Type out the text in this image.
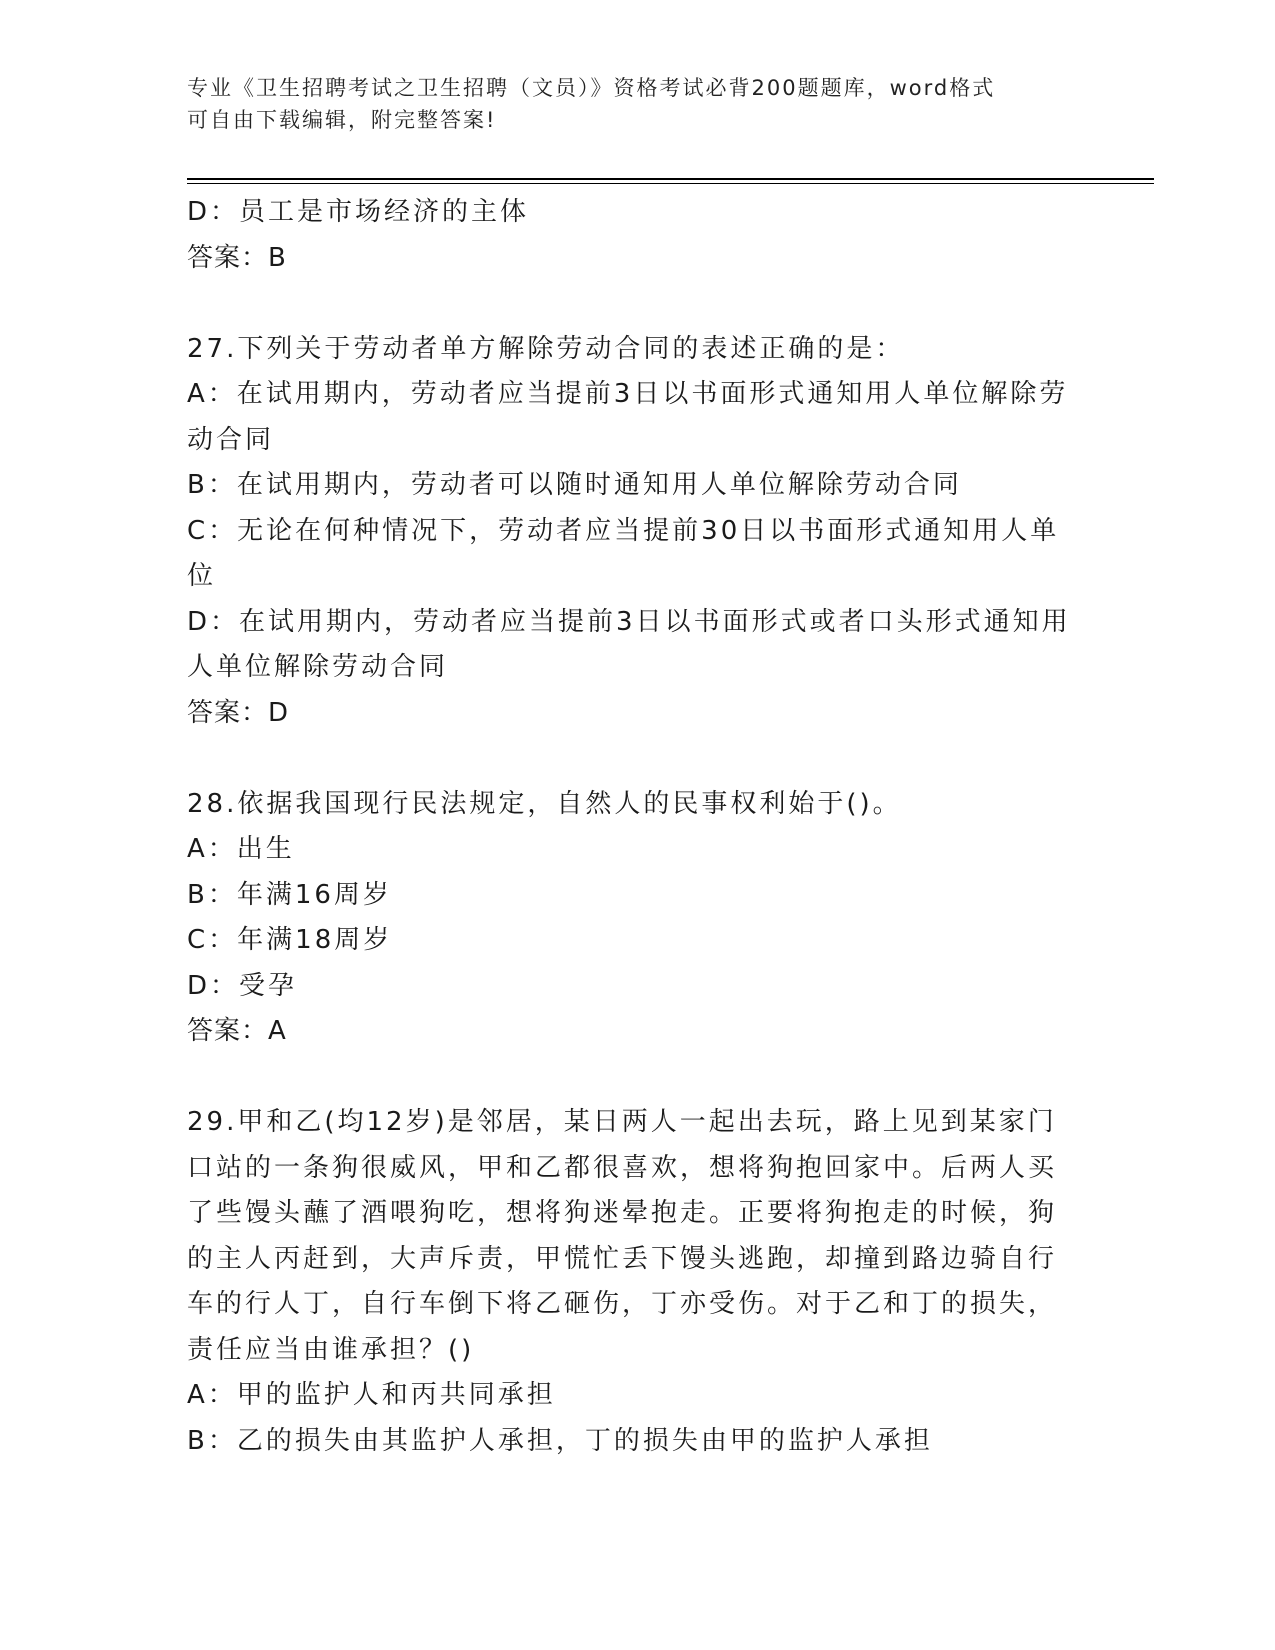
专业《卫生招聘考试之卫生招聘（文员）》资格考试必背200题题库，word格式
可自由下载编辑，附完整答案!
D：员工是市场经济的主体
答案：B
27.下列关于劳动者单方解除劳动合同的表述正确的是：
A：在试用期内，劳动者应当提前3日以书面形式通知用人单位解除劳
动合同
B：在试用期内，劳动者可以随时通知用人单位解除劳动合同
C：无论在何种情况下，劳动者应当提前30日以书面形式通知用人单
位
D：在试用期内，劳动者应当提前3日以书面形式或者口头形式通知用
人单位解除劳动合同
答案：D
28.依据我国现行民法规定，自然人的民事权利始于()。
A：出生
B：年满16周岁
C：年满18周岁
D：受孕
答案：A
29.甲和乙(均12岁)是邻居，某日两人一起出去玩，路上见到某家门
口站的一条狗很威风，甲和乙都很喜欢，想将狗抱回家中。后两人买
了些馒头蘸了酒喂狗吃，想将狗迷晕抱走。正要将狗抱走的时候，狗
的主人丙赶到，大声斥责，甲慌忙丢下馒头逃跑，却撞到路边骑自行
车的行人丁，自行车倒下将乙砸伤，丁亦受伤。对于乙和丁的损失，
责任应当由谁承担？()
A：甲的监护人和丙共同承担
B：乙的损失由其监护人承担，丁的损失由甲的监护人承担
